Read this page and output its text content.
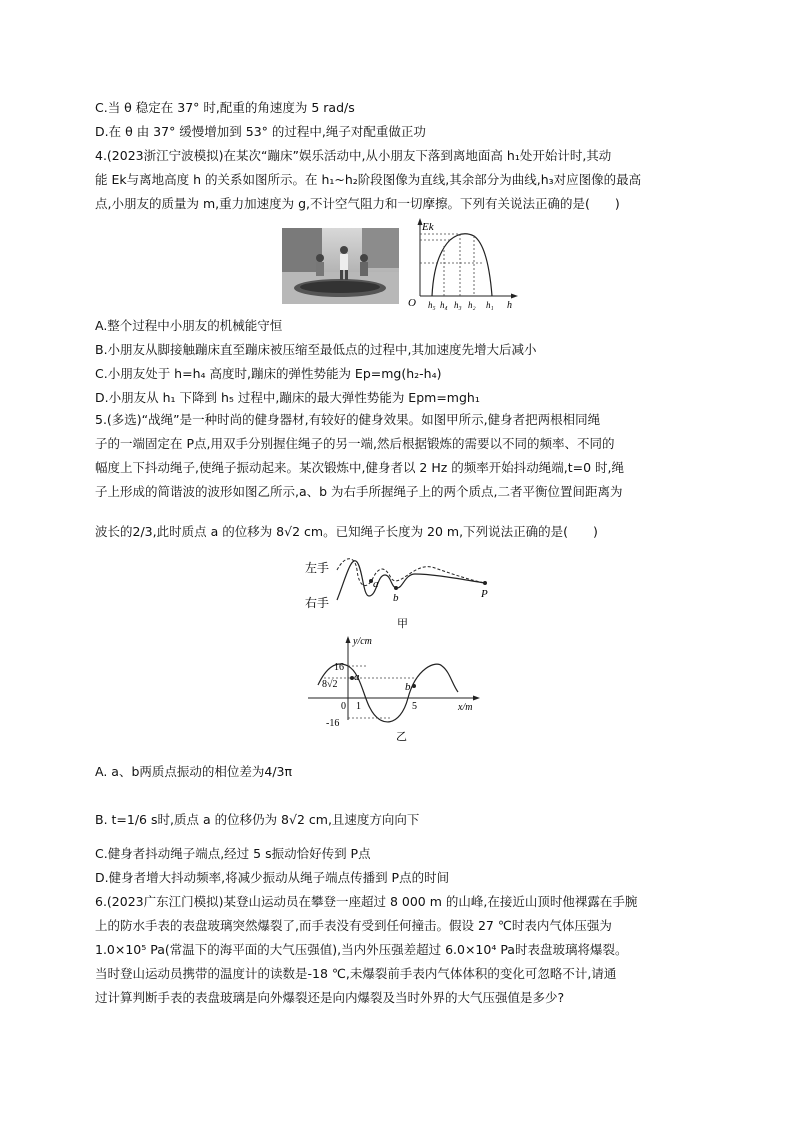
C.当 θ 稳定在 37° 时,配重的角速度为 5 rad/s
D.在 θ 由 37° 缓慢增加到 53° 的过程中,绳子对配重做正功
4.(2023浙江宁波模拟)在某次“蹦床”娱乐活动中,从小朋友下落到离地面高 h₁处开始计时,其动
能 Ek与离地高度 h 的关系如图所示。在 h₁~h₂阶段图像为直线,其余部分为曲线,h₃对应图像的最高
点,小朋友的质量为 m,重力加速度为 g,不计空气阻力和一切摩擦。下列有关说法正确的是(　　)
Ek
O h₅ h₄ h₃ h₂ h₁ h
A.整个过程中小朋友的机械能守恒
B.小朋友从脚接触蹦床直至蹦床被压缩至最低点的过程中,其加速度先增大后减小
C.小朋友处于 h=h₄ 高度时,蹦床的弹性势能为 Ep=mg(h₂-h₄)
D.小朋友从 h₁ 下降到 h₅ 过程中,蹦床的最大弹性势能为 Epm=mgh₁
5.(多选)“战绳”是一种时尚的健身器材,有较好的健身效果。如图甲所示,健身者把两根相同绳
子的一端固定在 P点,用双手分别握住绳子的另一端,然后根据锻炼的需要以不同的频率、不同的
幅度上下抖动绳子,使绳子振动起来。某次锻炼中,健身者以 2 Hz 的频率开始抖动绳端,t=0 时,绳
子上形成的简谐波的波形如图乙所示,a、b 为右手所握绳子上的两个质点,二者平衡位置间距离为
波长的2/3,此时质点 a 的位移为 8√2 cm。已知绳子长度为 20 m,下列说法正确的是(　　)
左手
右手
a
b	P
甲
y/cm
x/m
16
-16
8√2
0 1	5
a
b
乙
A. a、b两质点振动的相位差为4/3π
B. t=1/6 s时,质点 a 的位移仍为 8√2 cm,且速度方向向下
C.健身者抖动绳子端点,经过 5 s振动恰好传到 P点
D.健身者增大抖动频率,将减少振动从绳子端点传播到 P点的时间
6.(2023广东江门模拟)某登山运动员在攀登一座超过 8 000 m 的山峰,在接近山顶时他裸露在手腕
上的防水手表的表盘玻璃突然爆裂了,而手表没有受到任何撞击。假设 27 ℃时表内气体压强为
1.0×10⁵ Pa(常温下的海平面的大气压强值),当内外压强差超过 6.0×10⁴ Pa时表盘玻璃将爆裂。
当时登山运动员携带的温度计的读数是-18 ℃,未爆裂前手表内气体体积的变化可忽略不计,请通
过计算判断手表的表盘玻璃是向外爆裂还是向内爆裂及当时外界的大气压强值是多少?
